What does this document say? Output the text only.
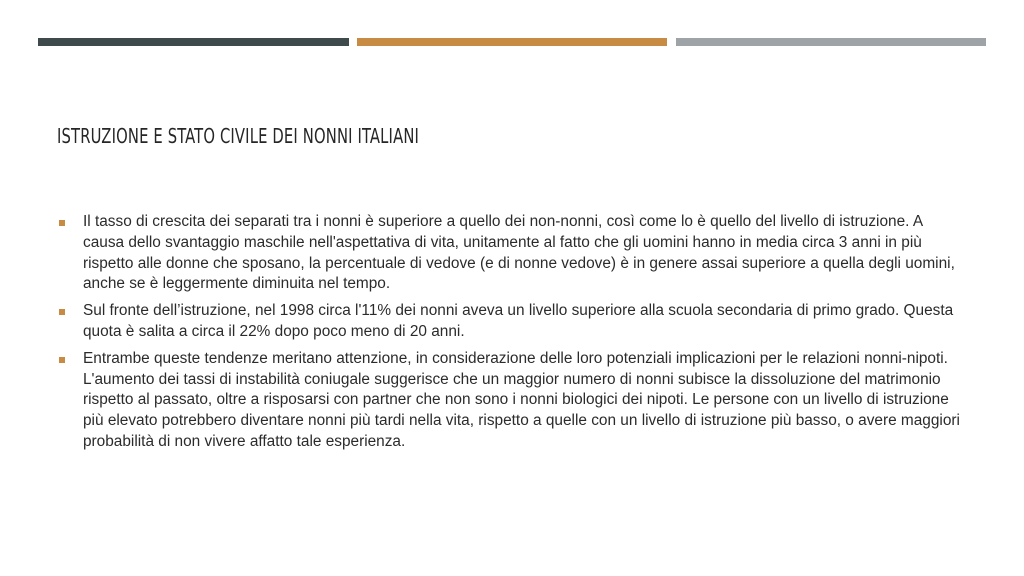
ISTRUZIONE E STATO CIVILE DEI NONNI ITALIANI
Il tasso di crescita dei separati tra i nonni è superiore a quello dei non-nonni, così come lo è quello del livello di istruzione. A causa dello svantaggio maschile nell'aspettativa di vita, unitamente al fatto che gli uomini hanno in media circa 3 anni in più rispetto alle donne che sposano, la percentuale di vedove (e di nonne vedove) è in genere assai superiore a quella degli uomini, anche se è leggermente diminuita nel tempo.
Sul fronte dell’istruzione, nel 1998 circa l'11% dei nonni aveva un livello superiore alla scuola secondaria di primo grado. Questa quota è salita a circa il 22% dopo poco meno di 20 anni.
Entrambe queste tendenze meritano attenzione, in considerazione delle loro potenziali implicazioni per le relazioni nonni-nipoti. L'aumento dei tassi di instabilità coniugale suggerisce che un maggior numero di nonni subisce la dissoluzione del matrimonio rispetto al passato, oltre a risposarsi con partner che non sono i nonni biologici dei nipoti. Le persone con un livello di istruzione più elevato potrebbero diventare nonni più tardi nella vita, rispetto a quelle con un livello di istruzione più basso, o avere maggiori probabilità di non vivere affatto tale esperienza.
